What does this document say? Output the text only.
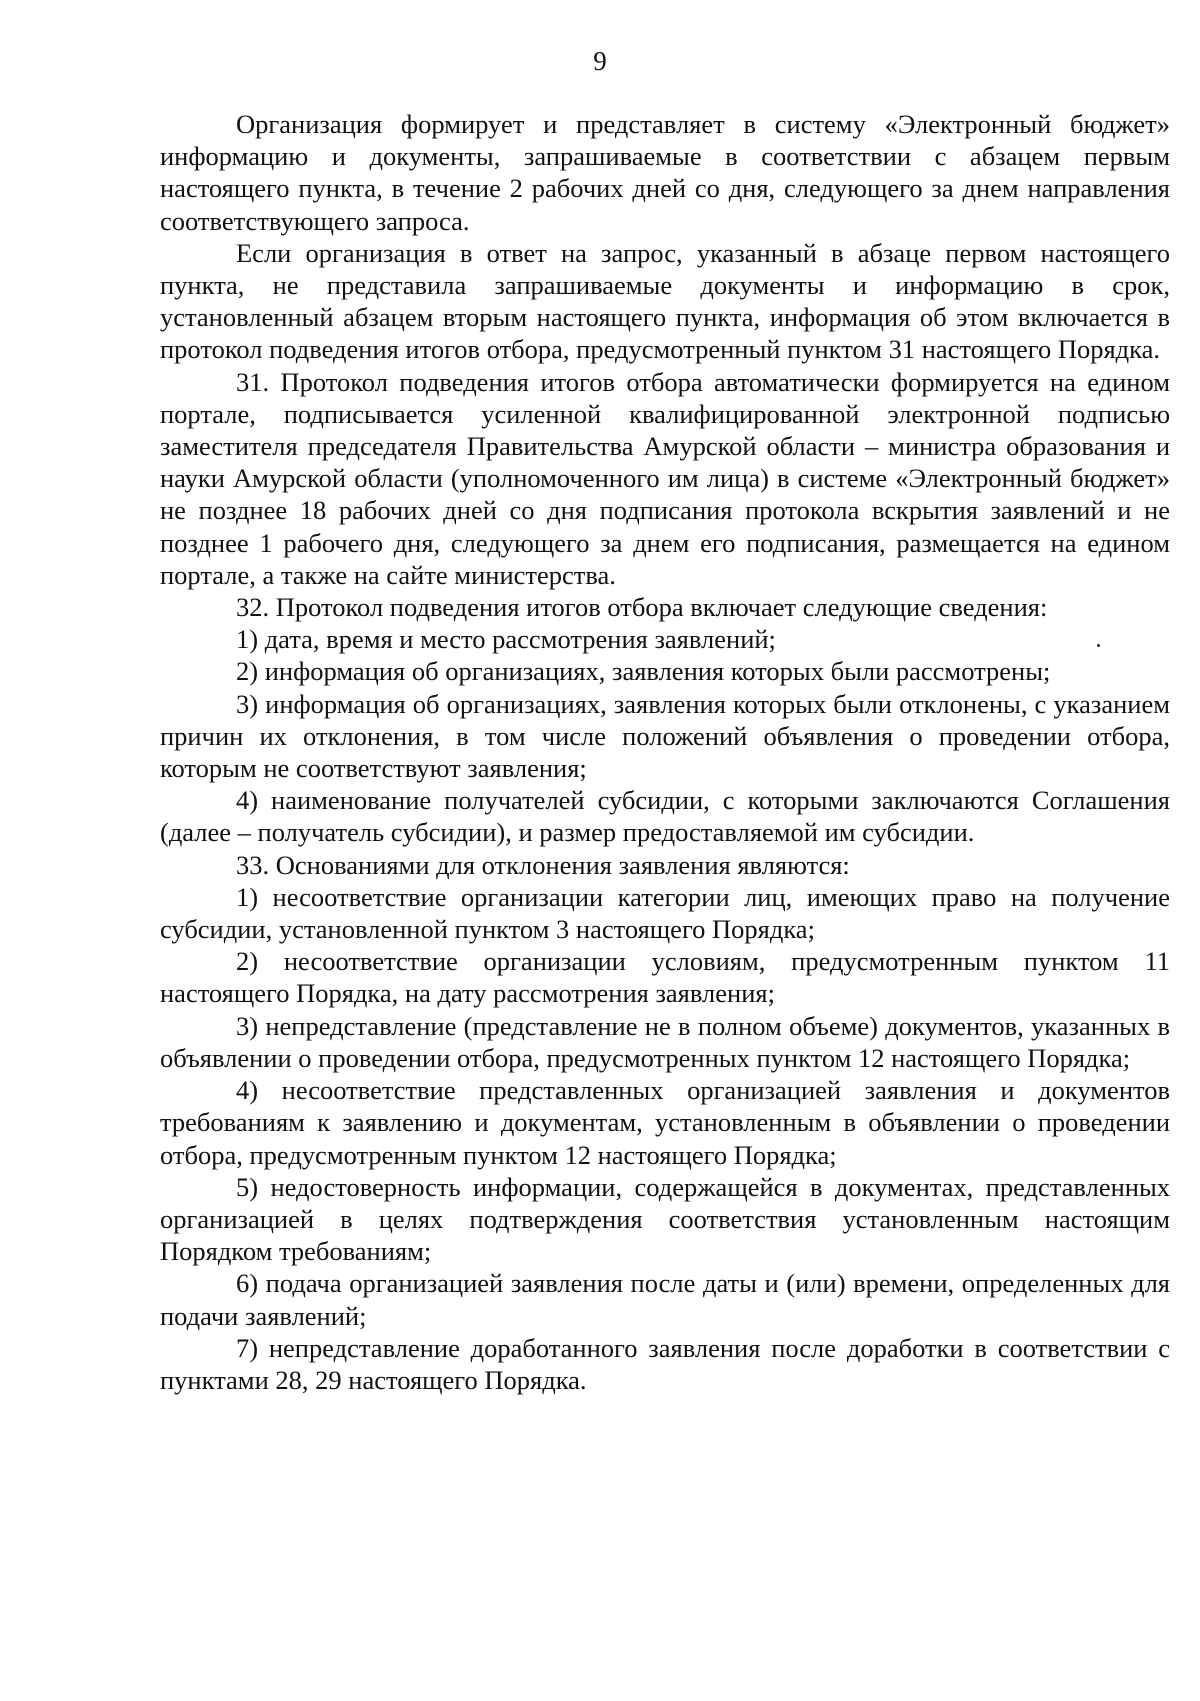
9

Организация формирует и представляет в систему «Электронный бюджет» информацию и документы, запрашиваемые в соответствии с абзацем первым настоящего пункта, в течение 2 рабочих дней со дня, следующего за днем направления соответствующего запроса.

Если организация в ответ на запрос, указанный в абзаце первом настоящего пункта, не представила запрашиваемые документы и информацию в срок, установленный абзацем вторым настоящего пункта, информация об этом включается в протокол подведения итогов отбора, предусмотренный пунктом 31 настоящего Порядка.

31. Протокол подведения итогов отбора автоматически формируется на едином портале, подписывается усиленной квалифицированной электронной подписью заместителя председателя Правительства Амурской области – министра образования и науки Амурской области (уполномоченного им лица) в системе «Электронный бюджет» не позднее 18 рабочих дней со дня подписания протокола вскрытия заявлений и не позднее 1 рабочего дня, следующего за днем его подписания, размещается на едином портале, а также на сайте министерства.

32. Протокол подведения итогов отбора включает следующие сведения:

1) дата, время и место рассмотрения заявлений;

2) информация об организациях, заявления которых были рассмотрены;

3) информация об организациях, заявления которых были отклонены, с указанием причин их отклонения, в том числе положений объявления о проведении отбора, которым не соответствуют заявления;

4) наименование получателей субсидии, с которыми заключаются Соглашения (далее – получатель субсидии), и размер предоставляемой им субсидии.

33. Основаниями для отклонения заявления являются:

1) несоответствие организации категории лиц, имеющих право на получение субсидии, установленной пунктом 3 настоящего Порядка;

2) несоответствие организации условиям, предусмотренным пунктом 11 настоящего Порядка, на дату рассмотрения заявления;

3) непредставление (представление не в полном объеме) документов, указанных в объявлении о проведении отбора, предусмотренных пунктом 12 настоящего Порядка;

4) несоответствие представленных организацией заявления и документов требованиям к заявлению и документам, установленным в объявлении о проведении отбора, предусмотренным пунктом 12 настоящего Порядка;

5) недостоверность информации, содержащейся в документах, представленных организацией в целях подтверждения соответствия установленным настоящим Порядком требованиям;

6) подача организацией заявления после даты и (или) времени, определенных для подачи заявлений;

7) непредставление доработанного заявления после доработки в соответствии с пунктами 28, 29 настоящего Порядка.
